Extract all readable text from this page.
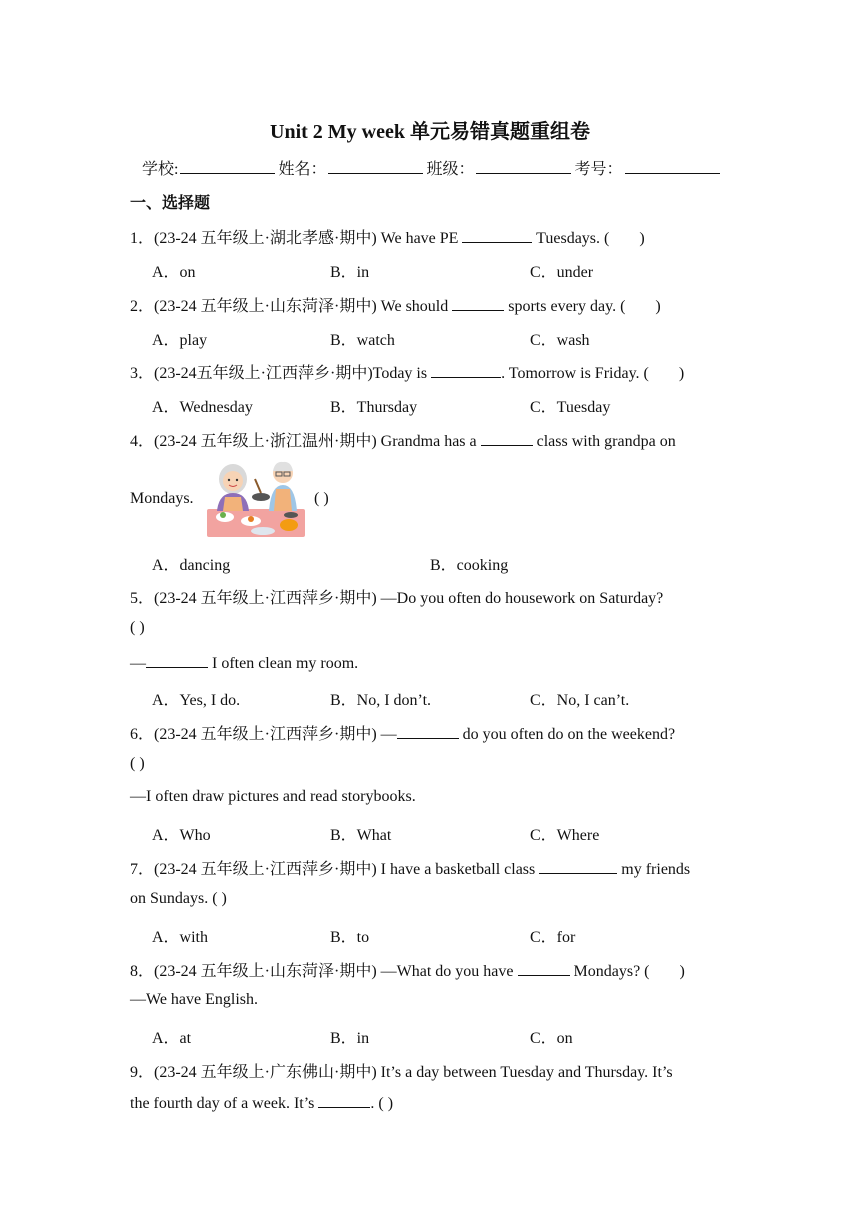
Unit 2 My week 单元易错真题重组卷
学校:	姓名：	班级：	考号：
一、选择题
1．(23-24 五年级上·湖北孝感·期中) We have PE	Tuesdays. ( )
A．on	B．in	C．under
2．(23-24 五年级上·山东菏泽·期中) We should	sports every day. ( )
A．play	B．watch	C．wash
3．(23-24五年级上·江西萍乡·期中)Today is	. Tomorrow is Friday. ( )
A．Wednesday	B．Thursday	C．Tuesday
4．(23-24 五年级上·浙江温州·期中) Grandma has a	class with grandpa on
Mondays.	( )
A．dancing	B．cooking
5．(23-24 五年级上·江西萍乡·期中) —Do you often do housework on Saturday?
( )
—	I often clean my room.
A．Yes, I do.	B．No, I don’t.	C．No, I can’t.
6．(23-24 五年级上·江西萍乡·期中) —	do you often do on the weekend?
( )
—I often draw pictures and read storybooks.
A．Who	B．What	C．Where
7．(23-24 五年级上·江西萍乡·期中) I have a basketball class	my friends
on Sundays. ( )
A．with	B．to	C．for
8．(23-24 五年级上·山东菏泽·期中) —What do you have	Mondays? ( )
—We have English.
A．at	B．in	C．on
9．(23-24 五年级上·广东佛山·期中) It’s a day between Tuesday and Thursday. It’s
the fourth day of a week. It’s	. ( )
